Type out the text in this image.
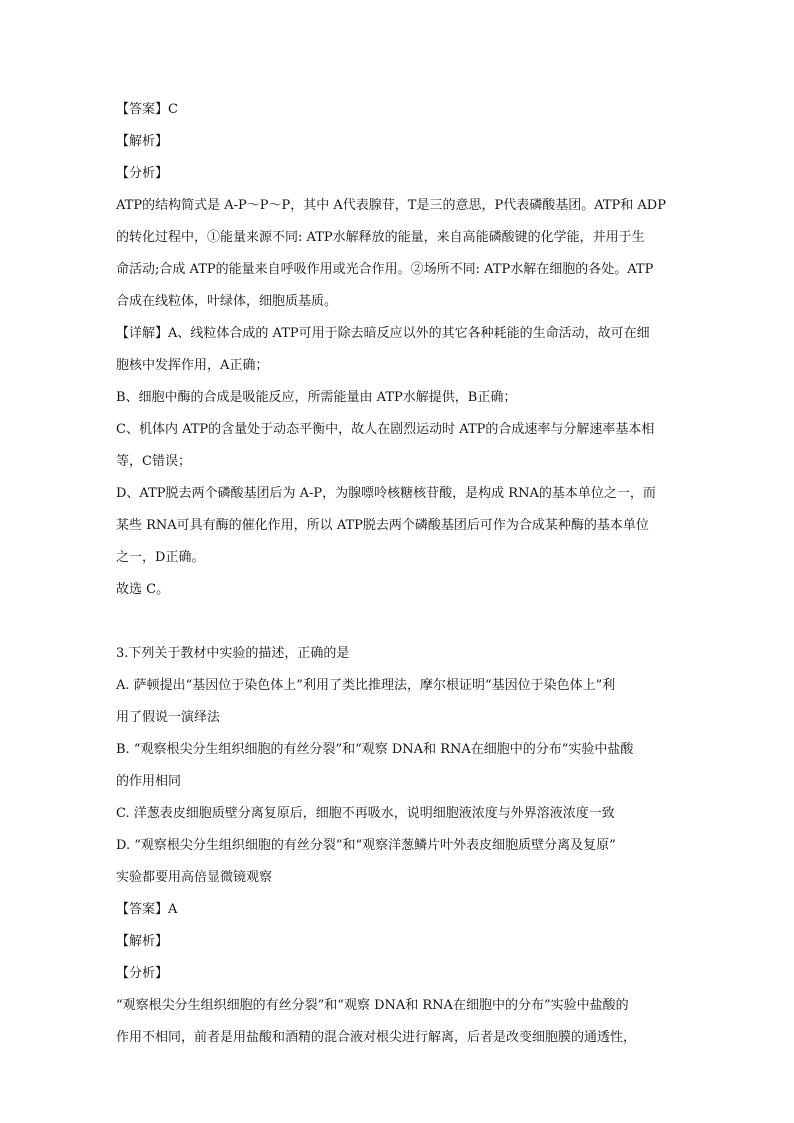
【答案】C
【解析】
【分析】
ATP的结构简式是 A-P～P～P，其中 A代表腺苷，T是三的意思，P代表磷酸基团。ATP和 ADP
的转化过程中，①能量来源不同: ATP水解释放的能量，来自高能磷酸键的化学能，并用于生
命活动;合成 ATP的能量来自呼吸作用或光合作用。②场所不同: ATP水解在细胞的各处。ATP
合成在线粒体，叶绿体，细胞质基质。
【详解】A、线粒体合成的 ATP可用于除去暗反应以外的其它各种耗能的生命活动，故可在细
胞核中发挥作用，A正确；
B、细胞中酶的合成是吸能反应，所需能量由 ATP水解提供，B正确；
C、机体内 ATP的含量处于动态平衡中，故人在剧烈运动时 ATP的合成速率与分解速率基本相
等，C错误；
D、ATP脱去两个磷酸基团后为 A-P，为腺嘌呤核糖核苷酸，是构成 RNA的基本单位之一，而
某些 RNA可具有酶的催化作用，所以 ATP脱去两个磷酸基团后可作为合成某种酶的基本单位
之一，D正确。
故选 C。
3.下列关于教材中实验的描述，正确的是
A. 萨顿提出“基因位于染色体上”利用了类比推理法，摩尔根证明“基因位于染色体上”利
用了假说一演绎法
B. “观察根尖分生组织细胞的有丝分裂”和“观察 DNA和 RNA在细胞中的分布”实验中盐酸
的作用相同
C. 洋葱表皮细胞质壁分离复原后，细胞不再吸水，说明细胞液浓度与外界溶液浓度一致
D. “观察根尖分生组织细胞的有丝分裂”和“观察洋葱鳞片叶外表皮细胞质壁分离及复原”
实验都要用高倍显微镜观察
【答案】A
【解析】
【分析】
“观察根尖分生组织细胞的有丝分裂”和“观察 DNA和 RNA在细胞中的分布”实验中盐酸的
作用不相同，前者是用盐酸和酒精的混合液对根尖进行解离，后者是改变细胞膜的通透性，
